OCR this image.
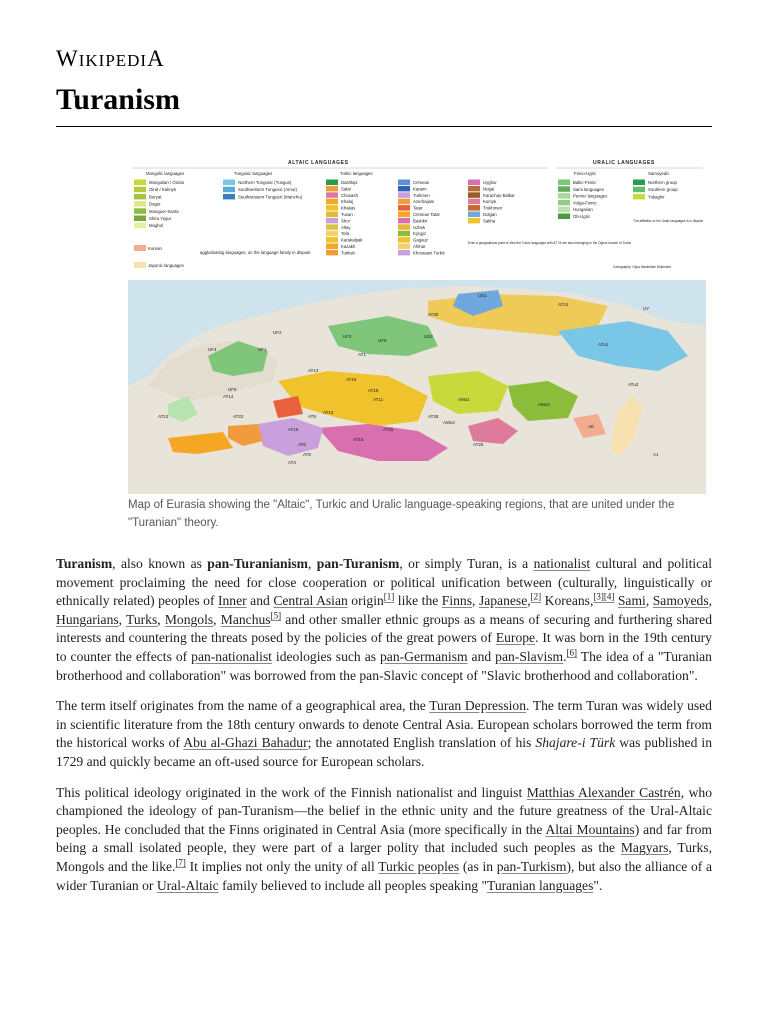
WIKIPEDIA
Turanism
ALTAIC LANGUAGES	URALIC LANGUAGES
Mongolic languages	Tungusic languages	Turkic languages	Finno-Ugric	Samoyedic
Mongolian / Ordos
Oirat / Kalmyk
Buryat
Dagur
Monguor-Santa
Shira Yugur
Moghol
Northern Tungusic (Tungus)
Southwestern Tungusic (Amur)
Southwestern Tungusic (Manchu)
Dashkipi
Salar
Chuvash
Khalaj
Khakas
Tuvan
Shor
Altay
Tofa
Karakalpak
Kazakh
Turkish
Crimean
Karaim
Turkmen
Azerbaijani
Tatar
Crimean Tatar
Bashkir
Uzbek
Kyrgyz
Gagauz
Afshar
Khorasani Turkic
Uyghur
Nogai
Karachay-Balkar
Kumyk
Trukhmen
Dolgan
Sakha
Baltic-Finnic
Sami languages
Permic languages
Volga-Finnic
Hungarian
Ob-Ugric
Northern group
Southern group
Yukaghir
Korean
Japonic languages
agglutinating languages, on the language family in dispute
Even a geographical point of view the Turkic languages with AT 24 are also belonging to the Oghuz branch of Turkic
The affiliation to the Uralic languages is in dispute
Cartography: Oğuz Maximilian Dinbecker
US1
AT31
AT30
UY
US2
UF6
UF3
UF2
UF1
UF4
UF5
AT11
AT19
AT18
AT25
AT13
AT1
AT12
AT16
AT15
AT10
AT9
AT6
AT8
AT22
AT14
AT4
AT26
AT28
AMo1
AMo2
AMo3
ATu1
ATu2
AJ
AK
Map of Eurasia showing the "Altaic", Turkic and Uralic language-speaking regions, that are united under the "Turanian" theory.

Turanism, also known as pan-Turanianism, pan-Turanism, or simply Turan, is a nationalist cultural and political movement proclaiming the need for close cooperation or political unification between (culturally, linguistically or ethnically related) peoples of Inner and Central Asian origin[1] like the Finns, Japanese,[2] Koreans,[3][4] Sami, Samoyeds, Hungarians, Turks, Mongols, Manchus[5] and other smaller ethnic groups as a means of securing and furthering shared interests and countering the threats posed by the policies of the great powers of Europe. It was born in the 19th century to counter the effects of pan-nationalist ideologies such as pan-Germanism and pan-Slavism.[6] The idea of a "Turanian brotherhood and collaboration" was borrowed from the pan-Slavic concept of "Slavic brotherhood and collaboration".

The term itself originates from the name of a geographical area, the Turan Depression. The term Turan was widely used in scientific literature from the 18th century onwards to denote Central Asia. European scholars borrowed the term from the historical works of Abu al-Ghazi Bahadur; the annotated English translation of his Shajare-i Türk was published in 1729 and quickly became an oft-used source for European scholars.

This political ideology originated in the work of the Finnish nationalist and linguist Matthias Alexander Castrén, who championed the ideology of pan-Turanism—the belief in the ethnic unity and the future greatness of the Ural-Altaic peoples. He concluded that the Finns originated in Central Asia (more specifically in the Altai Mountains) and far from being a small isolated people, they were part of a larger polity that included such peoples as the Magyars, Turks, Mongols and the like.[7] It implies not only the unity of all Turkic peoples (as in pan-Turkism), but also the alliance of a wider Turanian or Ural-Altaic family believed to include all peoples speaking "Turanian languages".
